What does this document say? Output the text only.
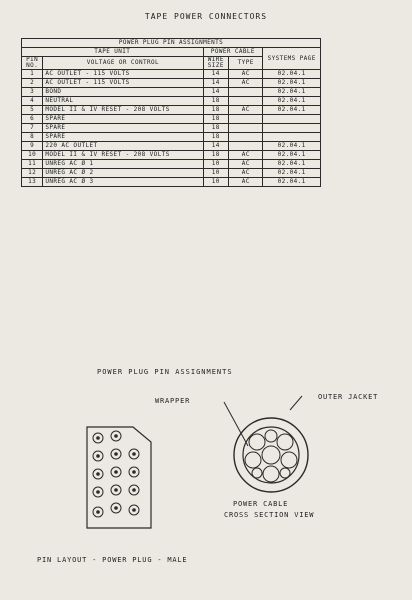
TAPE POWER CONNECTORS
POWER PLUG PIN ASSIGNMENTS				
TAPE UNIT		POWER CABLE		SYSTEMS PAGE
PIN NO.	VOLTAGE OR CONTROL	WIRE SIZE	TYPE	
1	AC OUTLET - 115 VOLTS	14	AC	02.04.1
2	AC OUTLET - 115 VOLTS	14	AC	02.04.1
3	BOND	14		02.04.1
4	NEUTRAL	18		02.04.1
5	MODEL II & IV RESET - 208 VOLTS	18	AC	02.04.1
6	SPARE	18		
7	SPARE	18		
8	SPARE	18		
9	220 AC OUTLET	14		02.04.1
10	MODEL II & IV RESET - 208 VOLTS	18	AC	02.04.1
11	UNREG AC Ø 1	10	AC	02.04.1
12	UNREG AC Ø 2	10	AC	02.04.1
13	UNREG AC Ø 3	10	AC	02.04.1
POWER PLUG PIN ASSIGNMENTS
WRAPPER	OUTER JACKET
POWER CABLE
CROSS SECTION VIEW
PIN LAYOUT - POWER PLUG - MALE
